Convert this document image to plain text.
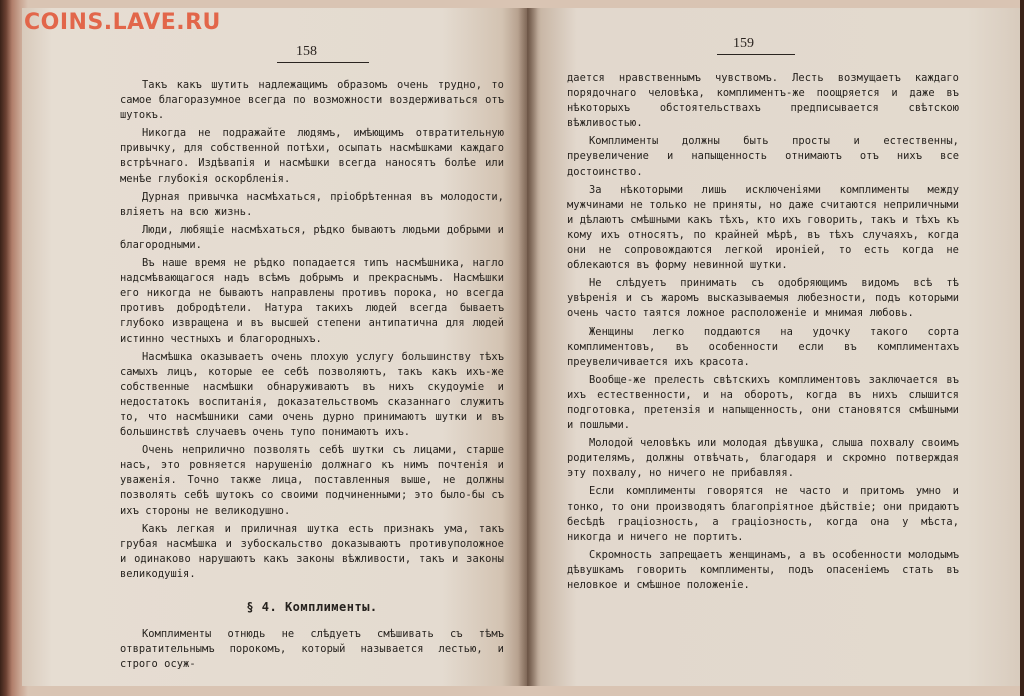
158

Такъ какъ шутить надлежащимъ образомъ очень трудно, то самое благоразумное всегда по возможности воздерживаться отъ шутокъ.

Никогда не подражайте людямъ, имѣющимъ отвратительную привычку, для собственной потѣхи, осыпать насмѣшками каждаго встрѣчнаго. Издѣвапія и насмѣшки всегда наносятъ болѣе или менѣе глубокія оскорбленія.

Дурная привычка насмѣхаться, пріобрѣтенная въ молодости, вліяетъ на всю жизнь.

Люди, любящіе насмѣхаться, рѣдко бываютъ людьми добрыми и благородными.

Въ наше время не рѣдко попадается типъ насмѣшника, нагло надсмѣвающагося надъ всѣмъ добрымъ и прекраснымъ. Насмѣшки его никогда не бываютъ направлены противъ порока, но всегда противъ добродѣтели. Натура такихъ людей всегда бываетъ глубоко извращена и въ высшей степени антипатична для людей истинно честныхъ и благородныхъ.

Насмѣшка оказываетъ очень плохую услугу большинству тѣхъ самыхъ лицъ, которые ее себѣ позволяютъ, такъ какъ ихъ-же собственные насмѣшки обнаруживаютъ въ нихъ скудоумie и недостатокъ воспитанія, доказательствомъ сказаннаго служитъ то, что насмѣшники сами очень дурно принимаютъ шутки и въ большинствѣ случаевъ очень тупо понимаютъ ихъ.

Очень неприлично позволять себѣ шутки съ лицами, старше насъ, это ровняется нарушенію должнаго къ нимъ почтенія и уваженія. Точно также лица, поставленныя выше, не должны позволять себѣ шутокъ со своими подчиненными; это было-бы съ ихъ стороны не великодушно.

Какъ легкая и приличная шутка есть признакъ ума, такъ грубая насмѣшка и зубоскальство доказываютъ противуположное и одинаково нарушаютъ какъ законы вѣжливости, такъ и законы великодушія.

§ 4. Комплименты.

Комплименты отнюдь не слѣдуетъ смѣшивать съ тѣмъ отвратительнымъ порокомъ, который называется лестью, и строго осуж-

159

дается нравственнымъ чувствомъ. Лесть возмущаетъ каждаго порядочнаго человѣка, комплиментъ-же поощряется и даже въ нѣкоторыхъ обстоятельствахъ предписывается свѣтскою вѣжливостью.

Комплименты должны быть просты и естественны, преувеличение и напыщенность отнимаютъ отъ нихъ все достоинство.

За нѣкоторыми лишь исключеніями комплименты между мужчинами не только не приняты, но даже считаются неприличными и дѣлаютъ смѣшными какъ тѣхъ, кто ихъ говорить, такъ и тѣхъ къ кому ихъ относятъ, по крайней мѣрѣ, въ тѣхъ случаяхъ, когда они не сопровождаются легкой ироніей, то есть когда не облекаются въ форму невинной шутки.

Не слѣдуетъ принимать съ одобряющимъ видомъ всѣ тѣ увѣренія и съ жаромъ высказываемыя любезности, подъ которыми очень часто таятся ложное расположеніе и мнимая любовь.

Женщины легко поддаются на удочку такого сорта комплиментовъ, въ особенности если въ комплиментахъ преувеличивается ихъ красота.

Вообще-же прелесть свѣтскихъ комплиментовъ заключается въ ихъ естественности, и на оборотъ, когда въ нихъ слышится подготовка, претензія и напыщенность, они становятся смѣшными и пошлыми.

Молодой человѣкъ или молодая дѣвушка, слыша похвалу своимъ родителямъ, должны отвѣчать, благодаря и скромно потверждая эту похвалу, но ничего не прибавляя.

Если комплименты говорятся не часто и притомъ умно и тонко, то они производятъ благопріятное дѣйствіе; они придаютъ бесѣдѣ граціозность, а граціозность, когда она у мѣста, никогда и ничего не портитъ.

Скромность запрещаетъ женщинамъ, а въ особенности молодымъ дѣвушкамъ говорить комплименты, подъ опасеніемъ стать въ неловкое и смѣшное положеніе.

COINS.LAVE.RU
